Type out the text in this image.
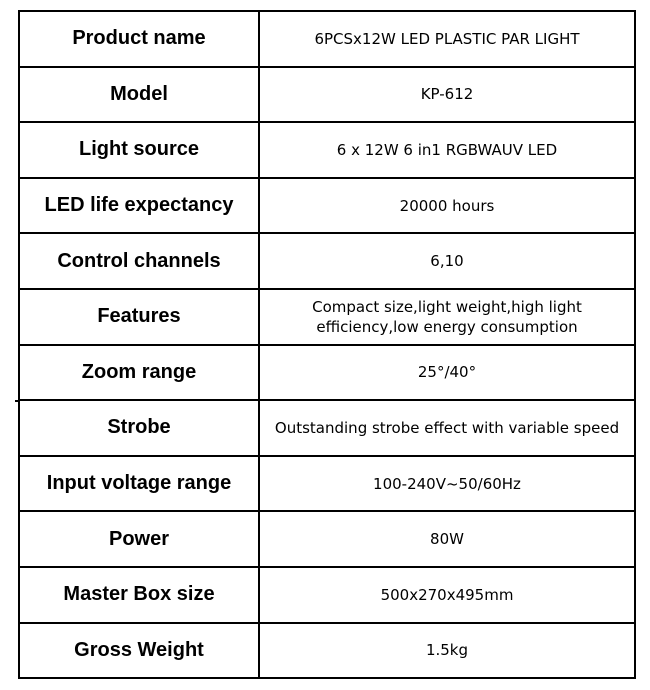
Product name	6PCSx12W LED PLASTIC PAR LIGHT
Model	KP-612
Light source	6 x 12W 6 in1 RGBWAUV LED
LED life expectancy	20000 hours
Control channels	6,10
Features	Compact size,light weight,high light efficiency,low energy consumption
Zoom range	25°/40°
Strobe	Outstanding strobe effect with variable speed
Input voltage range	100-240V~50/60Hz
Power	80W
Master Box size	500x270x495mm
Gross Weight	1.5kg
